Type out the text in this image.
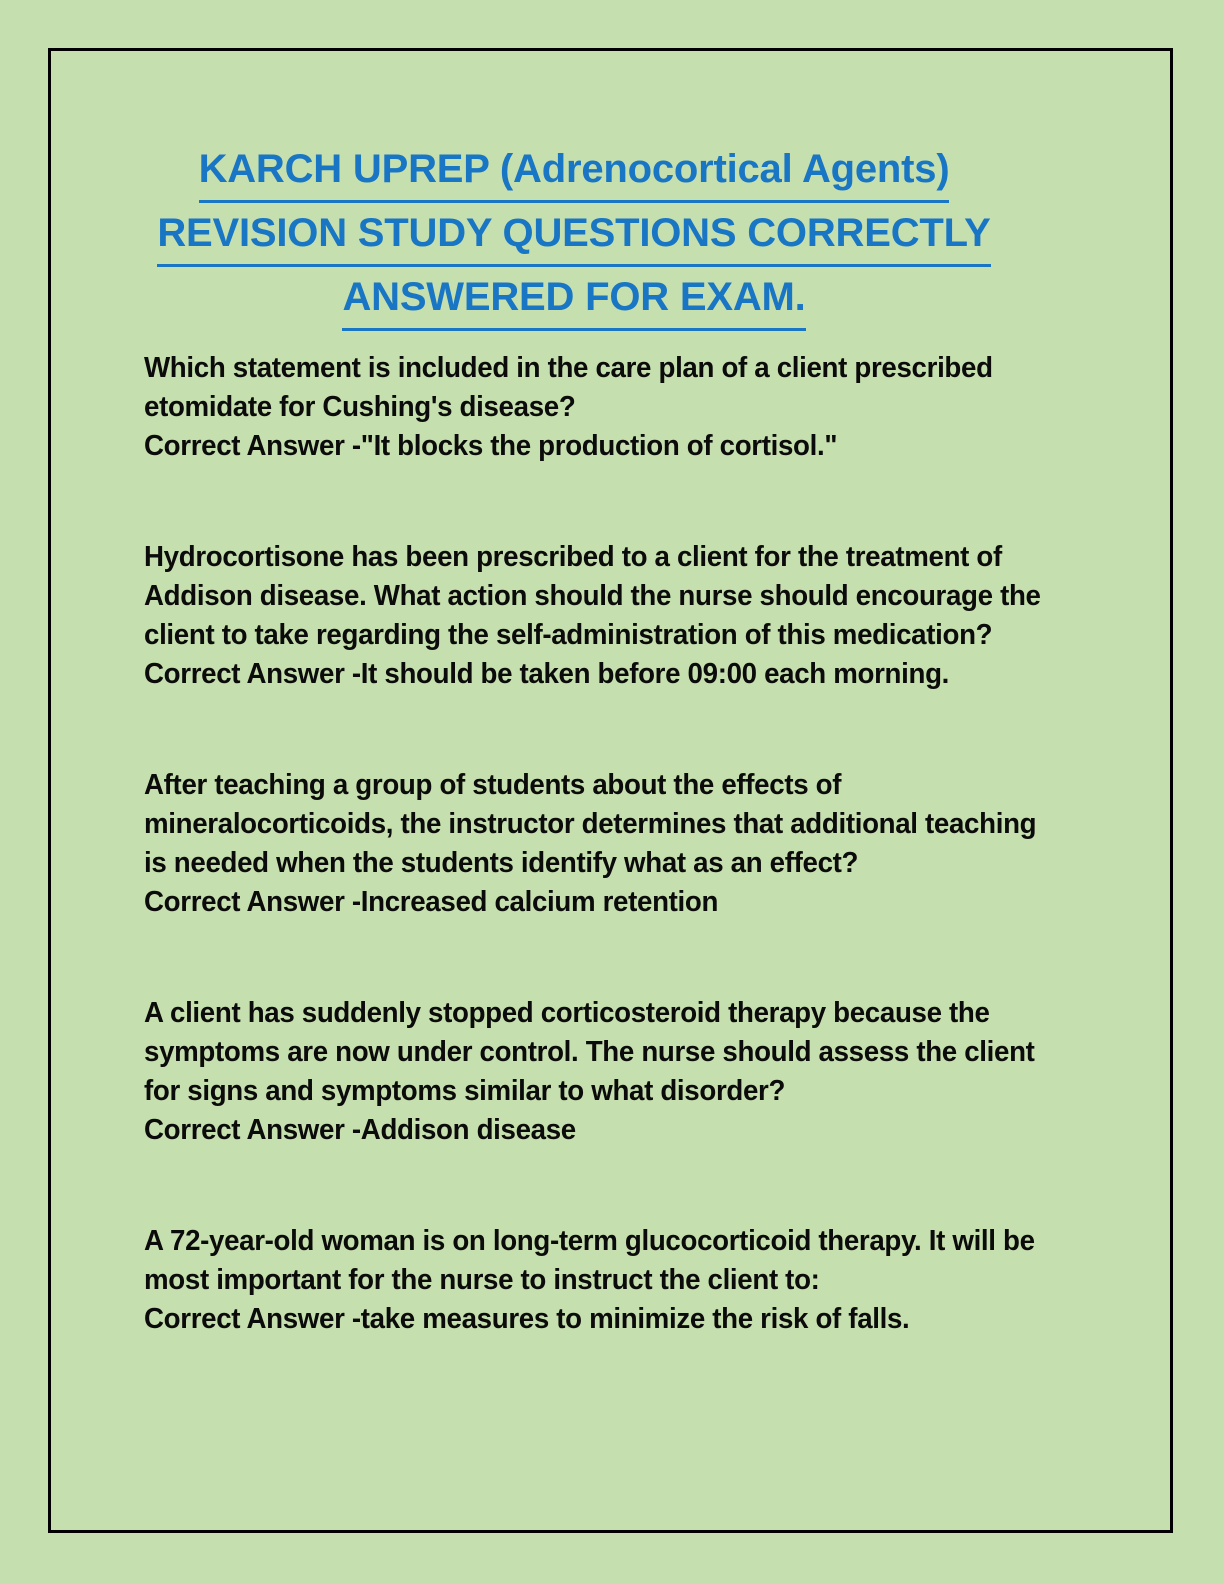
KARCH UPREP (Adrenocortical Agents)
REVISION STUDY QUESTIONS CORRECTLY
ANSWERED FOR EXAM.

Which statement is included in the care plan of a client prescribed etomidate for Cushing's disease?

Correct Answer -"It blocks the production of cortisol."

Hydrocortisone has been prescribed to a client for the treatment of Addison disease. What action should the nurse should encourage the client to take regarding the self-administration of this medication?

Correct Answer -It should be taken before 09:00 each morning.

After teaching a group of students about the effects of mineralocorticoids, the instructor determines that additional teaching is needed when the students identify what as an effect?

Correct Answer -Increased calcium retention

A client has suddenly stopped corticosteroid therapy because the symptoms are now under control. The nurse should assess the client for signs and symptoms similar to what disorder?

Correct Answer -Addison disease

A 72-year-old woman is on long-term glucocorticoid therapy. It will be most important for the nurse to instruct the client to:

Correct Answer -take measures to minimize the risk of falls.
